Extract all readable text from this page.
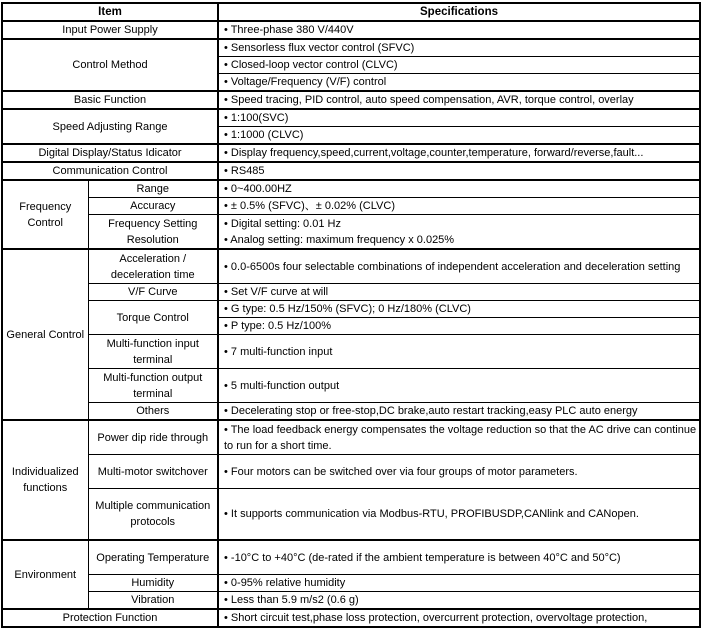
Item		Specifications
Input Power Supply		• Three-phase 380 V/440V
Control Method		• Sensorless flux vector control (SFVC)
		• Closed-loop vector control (CLVC)
		• Voltage/Frequency (V/F) control
Basic Function		• Speed tracing, PID control, auto speed compensation, AVR, torque control, overlay
Speed Adjusting Range		• 1:100(SVC)
		• 1:1000 (CLVC)
Digital Display/Status Idicator		• Display frequency,speed,current,voltage,counter,temperature, forward/reverse,fault...
Communication Control		• RS485
Frequency Control	Range	• 0~400.00HZ
	Accuracy	• ± 0.5% (SFVC)、± 0.02% (CLVC)
	Frequency Setting Resolution	• Digital setting: 0.01 Hz
• Analog setting: maximum frequency x 0.025%

General Control	Acceleration / deceleration time	• 0.0-6500s four selectable combinations of independent acceleration and deceleration setting
	V/F Curve	• Set V/F curve at will
	Torque Control	• G type: 0.5 Hz/150% (SFVC); 0 Hz/180% (CLVC)
		• P type: 0.5 Hz/100%
	Multi-function input terminal	• 7 multi-function input
	Multi-function output terminal	• 5 multi-function output
	Others	• Decelerating stop or free-stop,DC brake,auto restart tracking,easy PLC auto energy
Individualized functions	Power dip ride through	• The load feedback energy compensates the voltage reduction so that the AC drive can continue to run for a short time.
	Multi-motor switchover	• Four motors can be switched over via four groups of motor parameters.
	Multiple communication protocols	• It supports communication via Modbus-RTU, PROFIBUSDP,CANlink and CANopen.
Environment	Operating Temperature	• -10°C to +40°C (de-rated if the ambient temperature is between 40°C and 50°C)
	Humidity	• 0-95% relative humidity
	Vibration	• Less than 5.9 m/s2 (0.6 g)
Protection Function		• Short circuit test,phase loss protection, overcurrent protection, overvoltage protection,
